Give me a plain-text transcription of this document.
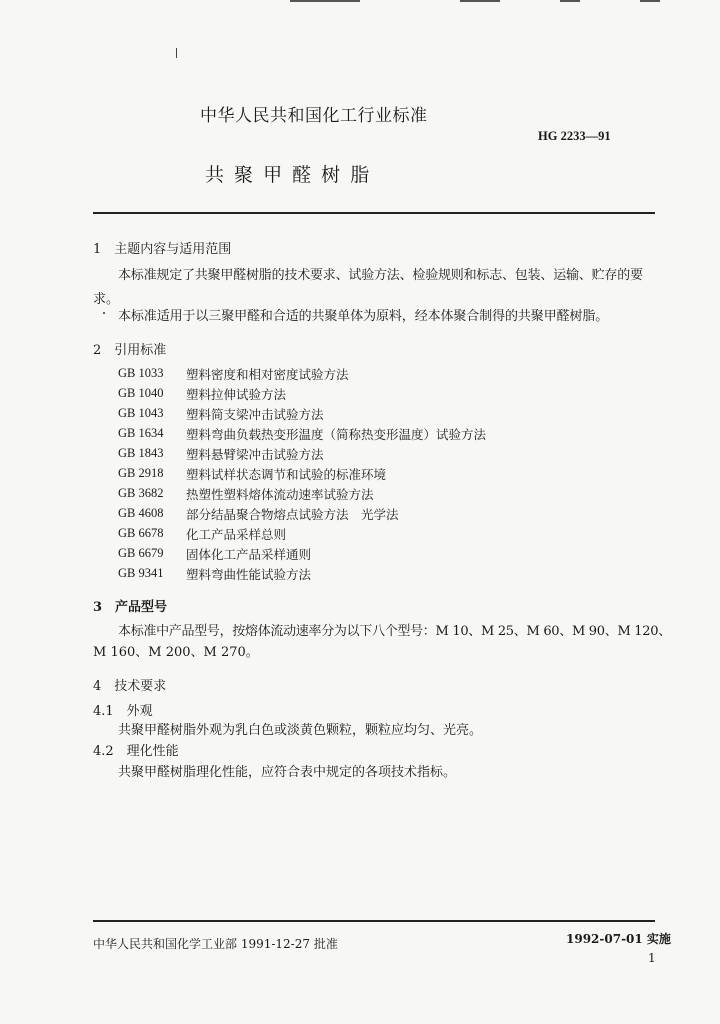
中华人民共和国化工行业标准
HG 2233—91
共 聚 甲 醛 树 脂
1　主题内容与适用范围
本标准规定了共聚甲醛树脂的技术要求、试验方法、检验规则和标志、包装、运输、贮存的要
求。
本标准适用于以三聚甲醛和合适的共聚单体为原料，经本体聚合制得的共聚甲醛树脂。
2　引用标准
GB 1033	塑料密度和相对密度试验方法
GB 1040	塑料拉伸试验方法
GB 1043	塑料简支梁冲击试验方法
GB 1634	塑料弯曲负载热变形温度（简称热变形温度）试验方法
GB 1843	塑料悬臂梁冲击试验方法
GB 2918	塑料试样状态调节和试验的标准环境
GB 3682	热塑性塑料熔体流动速率试验方法
GB 4608	部分结晶聚合物熔点试验方法　光学法
GB 6678	化工产品采样总则
GB 6679	固体化工产品采样通则
GB 9341	塑料弯曲性能试验方法
3　产品型号
本标准中产品型号，按熔体流动速率分为以下八个型号：M 10、M 25、M 60、M 90、M 120、
M 160、M 200、M 270。
4　技术要求
4.1　外观
共聚甲醛树脂外观为乳白色或淡黄色颗粒，颗粒应均匀、光亮。
4.2　理化性能
共聚甲醛树脂理化性能，应符合表中规定的各项技术指标。
中华人民共和国化学工业部 1991-12-27 批准	1992-07-01 实施
1
